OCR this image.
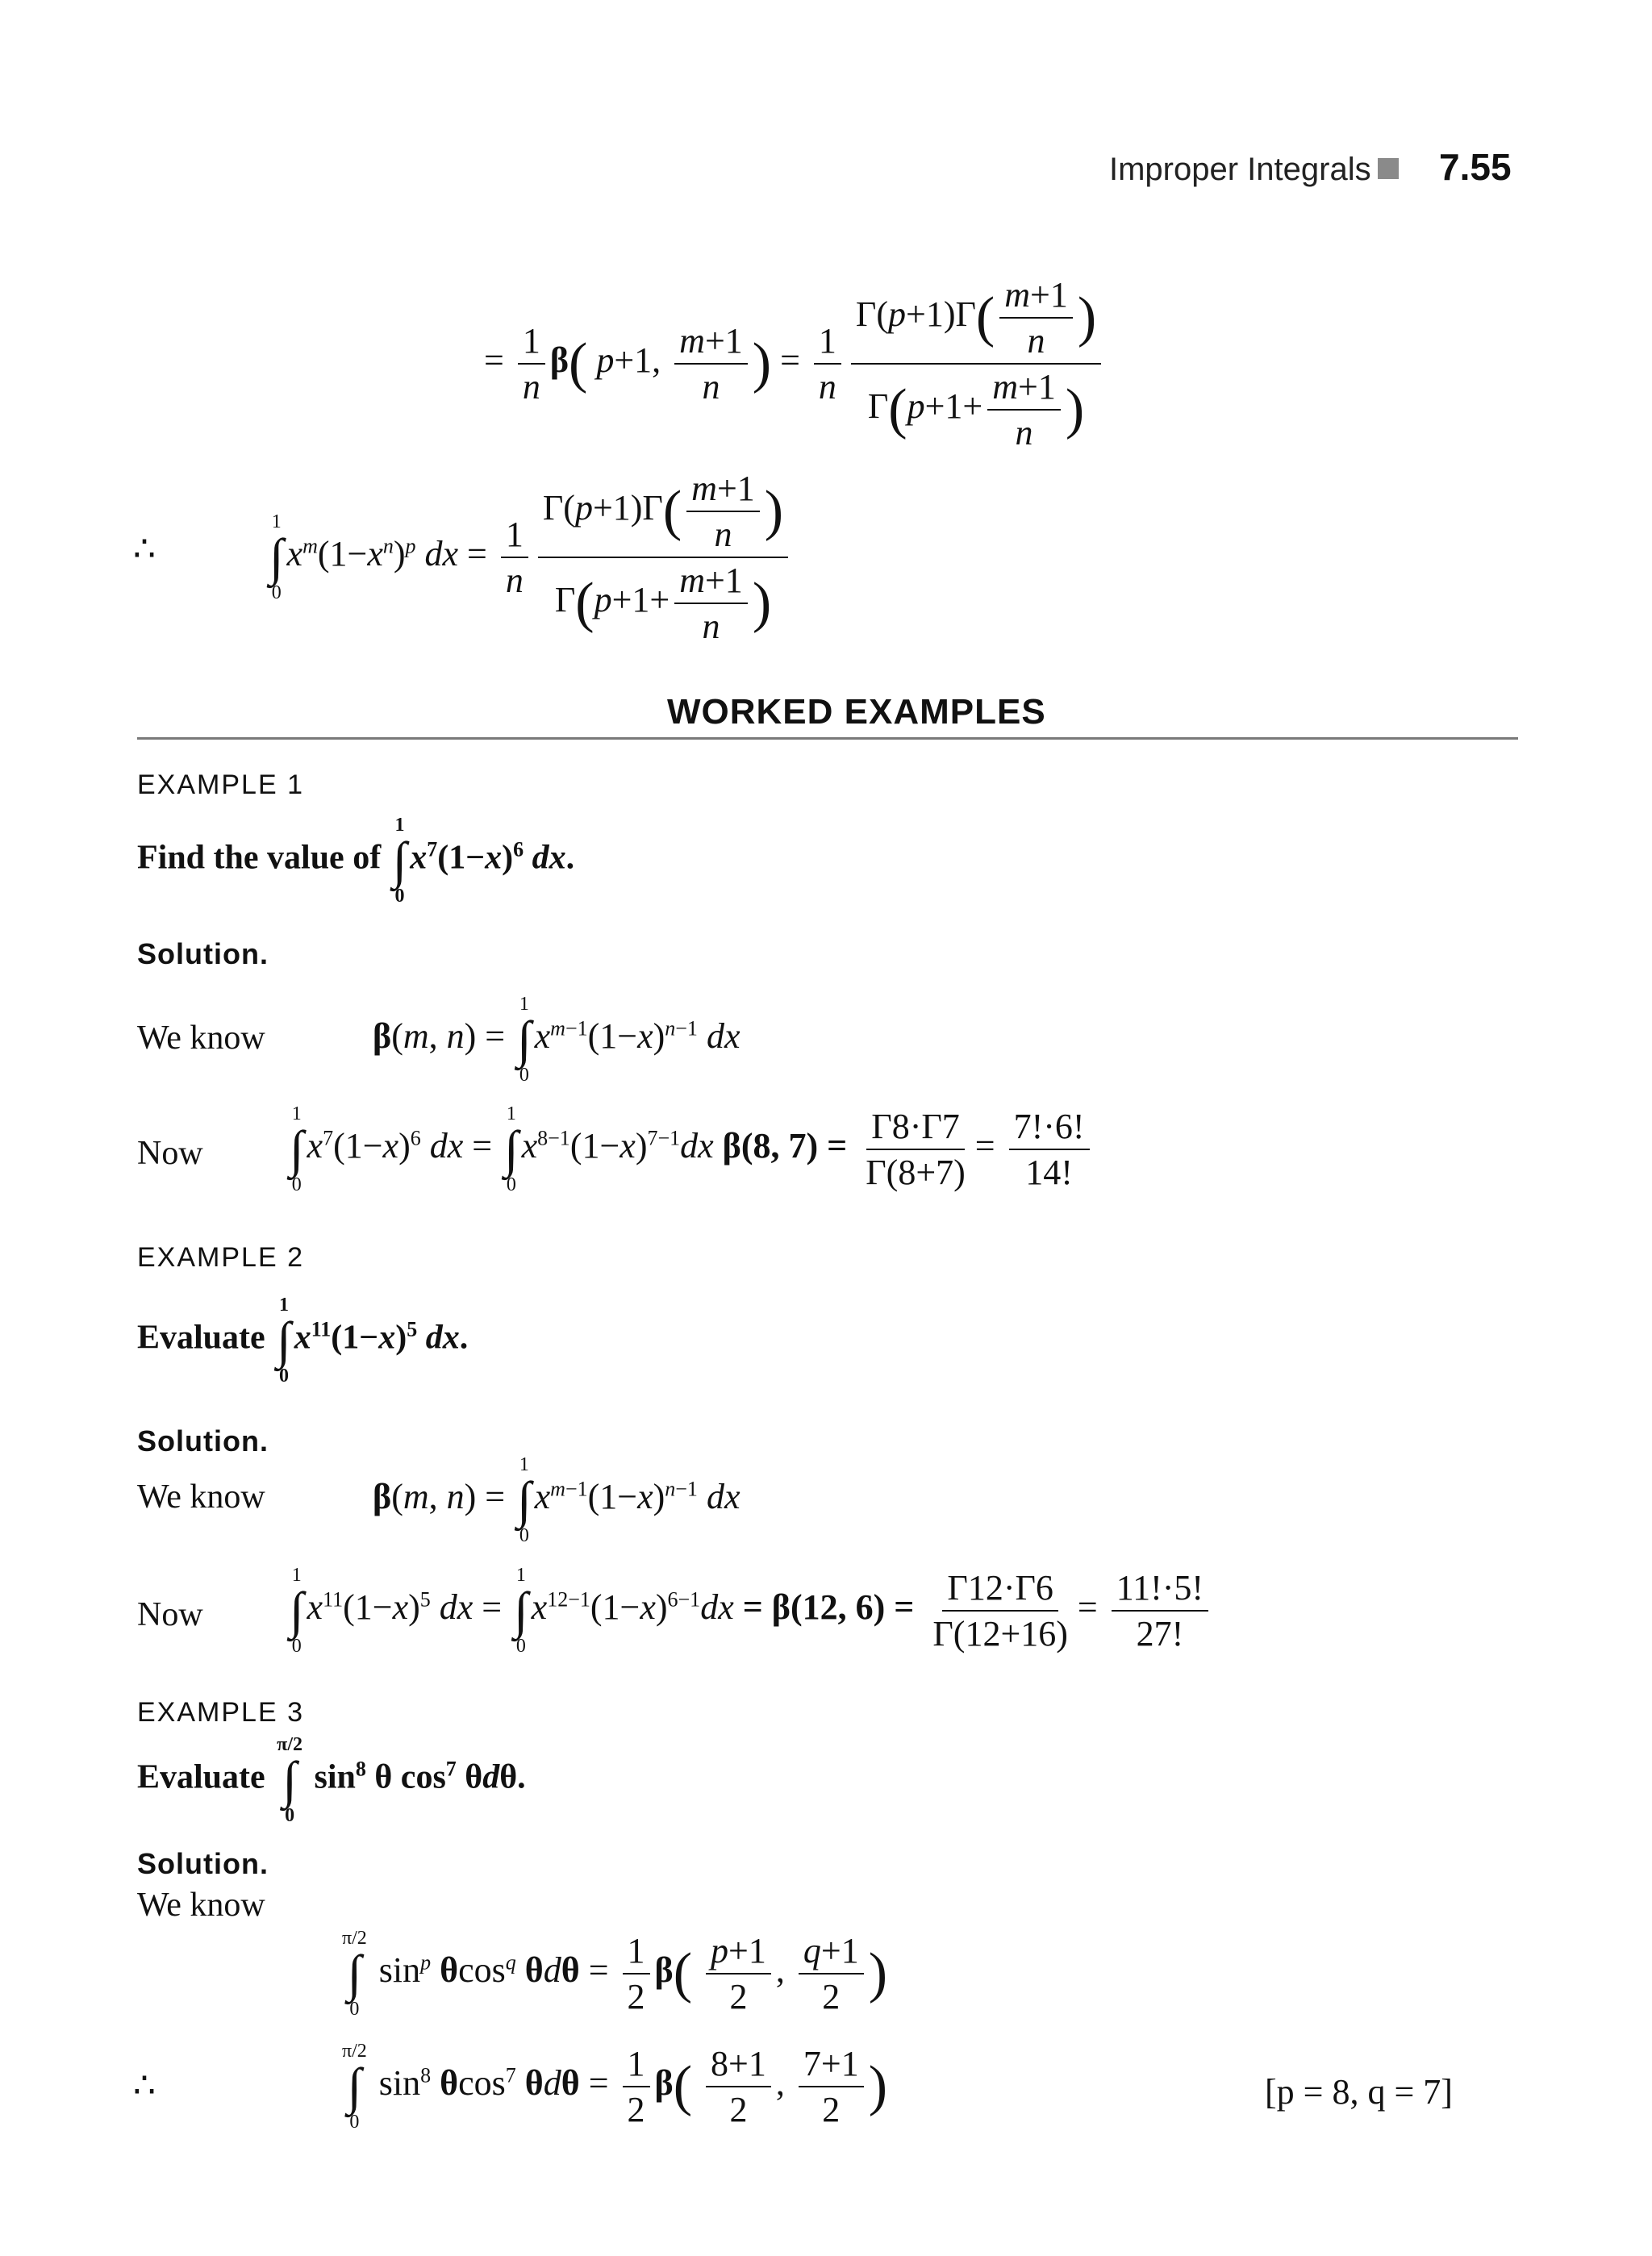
Improper Integrals 7.55
= $\frac{1}{n} \beta$( p+1, $\frac{m+1}{n}$ ) = $\frac{1}{n} \frac{\Gamma(p+1)\Gamma( \frac{m+1}{n} )}{\Gamma(p+1+ \frac{m+1}{n} )}$
∴
1
∫
0
$x^m(1-x^n)^p$ dx = $\frac{1}{n} \frac{\Gamma(p+1)\Gamma( \frac{m+1}{n} )}{\Gamma(p+1+ \frac{m+1}{n} )}$
WORKED EXAMPLES
EXAMPLE 1
Find the value of
1
∫
0
$x^7(1-x)^6$ dx.
Solution.
We know	β(m, n) =
1
∫
0
$x^{m-1}(1-x)^{n-1}$ dx
Now
1
∫
0
$x^7(1-x)^6$ dx =
1
∫
0
$x^{8-1}(1-x)^{7-1}dx$ β(8, $7) = \frac{\Gamma 8\cdot\Gamma 7}{\Gamma(8+7)} = \frac{7!\cdot 6!}{14!}$
EXAMPLE 2
Evaluate
1
∫
0
$x^{11}(1-x)^5$ dx.
Solution.
We know	β(m, n) =
1
∫
0
$x^{m-1}(1-x)^{n-1}$ dx
Now
1
∫
0
$x^{11}(1-x)^5$ dx =
1
∫
0
$x^{12-1}(1-x)^{6-1}dx = \beta(12$, $6) = \frac{\Gamma 12\cdot\Gamma 6}{\Gamma(12+16)} = \frac{11!\cdot 5!}{27!}$
EXAMPLE 3
Evaluate
π/2
∫
0
$\sin^8 \theta$ $\cos^7 \theta d\theta$.
Solution.
We know
π/2
∫
0
$\sin^p \theta\cos^q$ $\theta d\theta = \frac{1}{2} \beta( \frac{p+1}{2}$ , $\frac{q+1}{2}$ )
∴
π/2
∫
0
$\sin^8 \theta\cos^7$ $\theta d\theta = \frac{1}{2} \beta( \frac{8+1}{2}$ , $\frac{7+1}{2}$ )	[p = 8, q = 7]
